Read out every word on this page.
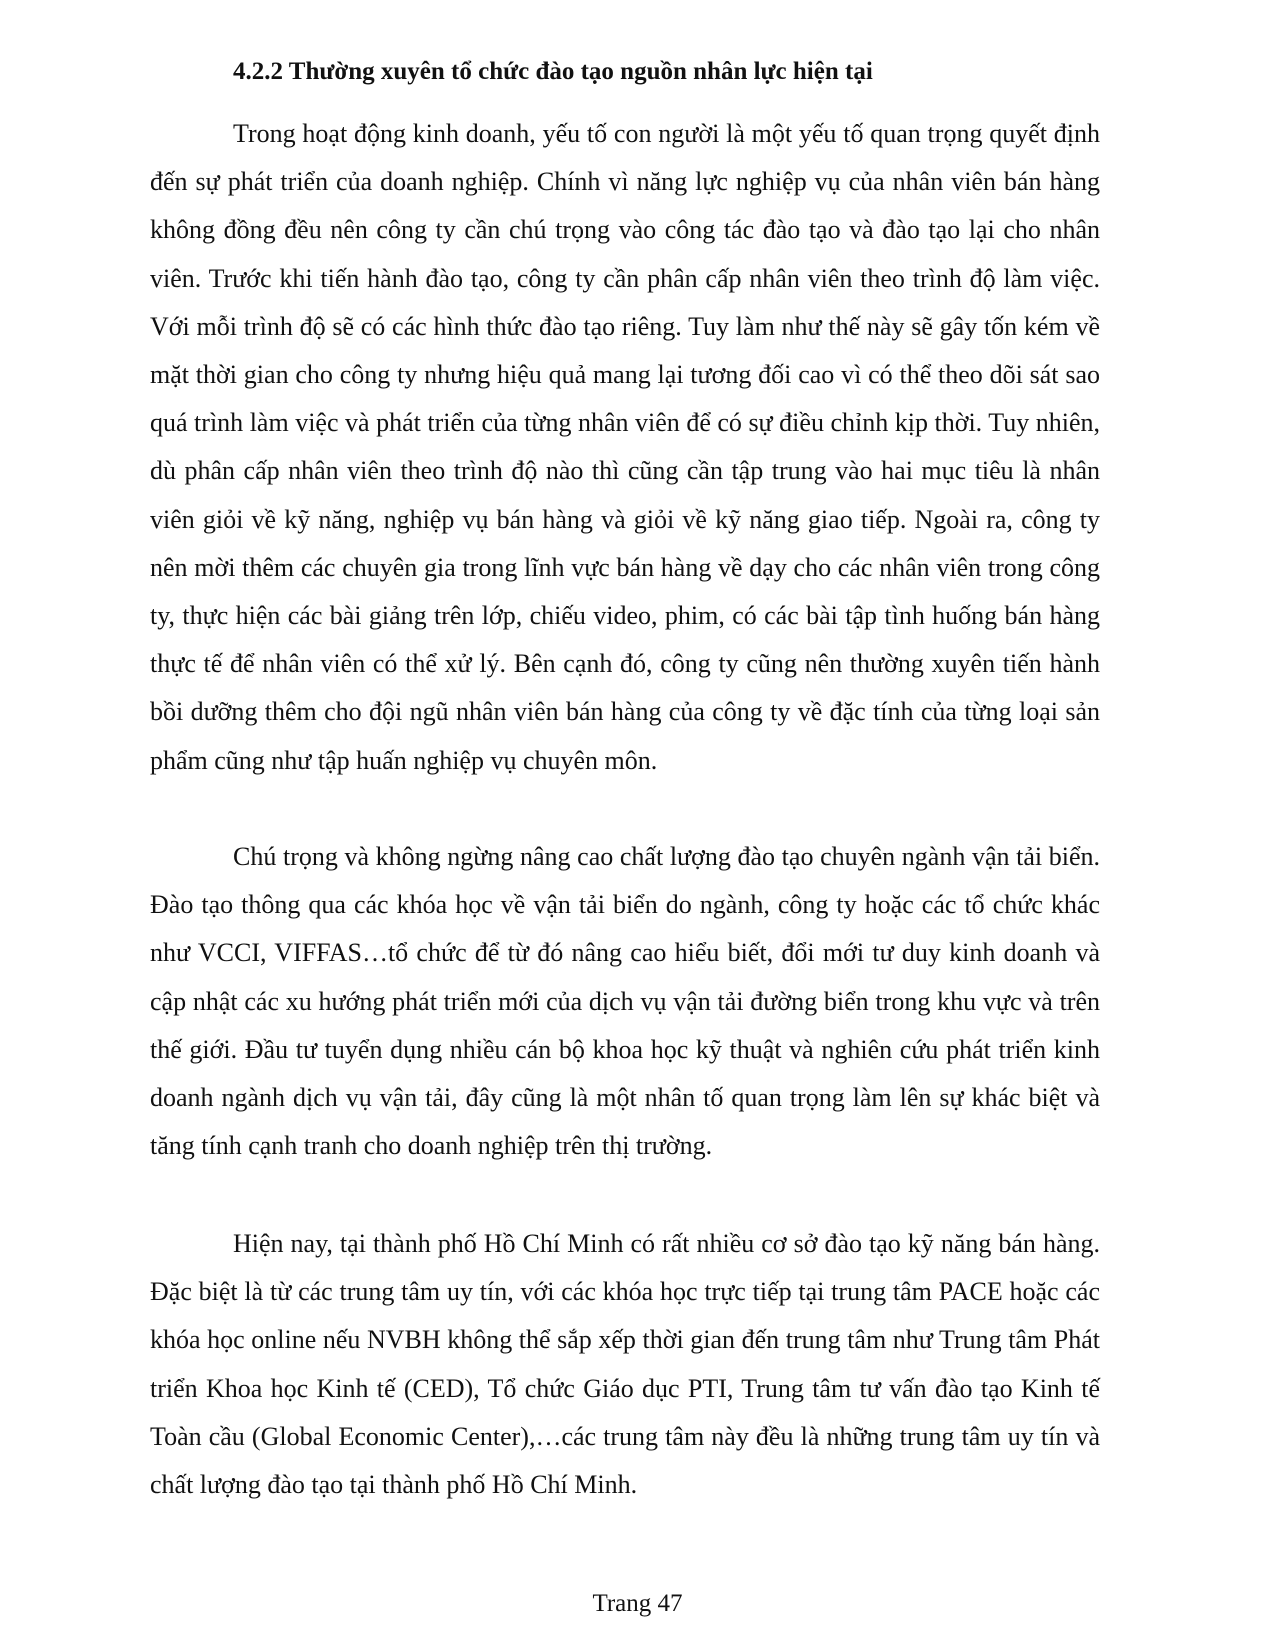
4.2.2 Thường xuyên tổ chức đào tạo nguồn nhân lực hiện tại

Trong hoạt động kinh doanh, yếu tố con người là một yếu tố quan trọng quyết định đến sự phát triển của doanh nghiệp. Chính vì năng lực nghiệp vụ của nhân viên bán hàng không đồng đều nên công ty cần chú trọng vào công tác đào tạo và đào tạo lại cho nhân viên. Trước khi tiến hành đào tạo, công ty cần phân cấp nhân viên theo trình độ làm việc. Với mỗi trình độ sẽ có các hình thức đào tạo riêng. Tuy làm như thế này sẽ gây tốn kém về mặt thời gian cho công ty nhưng hiệu quả mang lại tương đối cao vì có thể theo dõi sát sao quá trình làm việc và phát triển của từng nhân viên để có sự điều chỉnh kịp thời. Tuy nhiên, dù phân cấp nhân viên theo trình độ nào thì cũng cần tập trung vào hai mục tiêu là nhân viên giỏi về kỹ năng, nghiệp vụ bán hàng và giỏi về kỹ năng giao tiếp. Ngoài ra, công ty nên mời thêm các chuyên gia trong lĩnh vực bán hàng về dạy cho các nhân viên trong công ty, thực hiện các bài giảng trên lớp, chiếu video, phim, có các bài tập tình huống bán hàng thực tế để nhân viên có thể xử lý. Bên cạnh đó, công ty cũng nên thường xuyên tiến hành bồi dưỡng thêm cho đội ngũ nhân viên bán hàng của công ty về đặc tính của từng loại sản phẩm cũng như tập huấn nghiệp vụ chuyên môn.

Chú trọng và không ngừng nâng cao chất lượng đào tạo chuyên ngành vận tải biển. Đào tạo thông qua các khóa học về vận tải biển do ngành, công ty hoặc các tổ chức khác như VCCI, VIFFAS…tổ chức để từ đó nâng cao hiểu biết, đổi mới tư duy kinh doanh và cập nhật các xu hướng phát triển mới của dịch vụ vận tải đường biển trong khu vực và trên thế giới. Đầu tư tuyển dụng nhiều cán bộ khoa học kỹ thuật và nghiên cứu phát triển kinh doanh ngành dịch vụ vận tải, đây cũng là một nhân tố quan trọng làm lên sự khác biệt và tăng tính cạnh tranh cho doanh nghiệp trên thị trường.

Hiện nay, tại thành phố Hồ Chí Minh có rất nhiều cơ sở đào tạo kỹ năng bán hàng. Đặc biệt là từ các trung tâm uy tín, với các khóa học trực tiếp tại trung tâm PACE hoặc các khóa học online nếu NVBH không thể sắp xếp thời gian đến trung tâm như Trung tâm Phát triển Khoa học Kinh tế (CED), Tổ chức Giáo dục PTI, Trung tâm tư vấn đào tạo Kinh tế Toàn cầu (Global Economic Center),…các trung tâm này đều là những trung tâm uy tín và chất lượng đào tạo tại thành phố Hồ Chí Minh.

Trang 47
